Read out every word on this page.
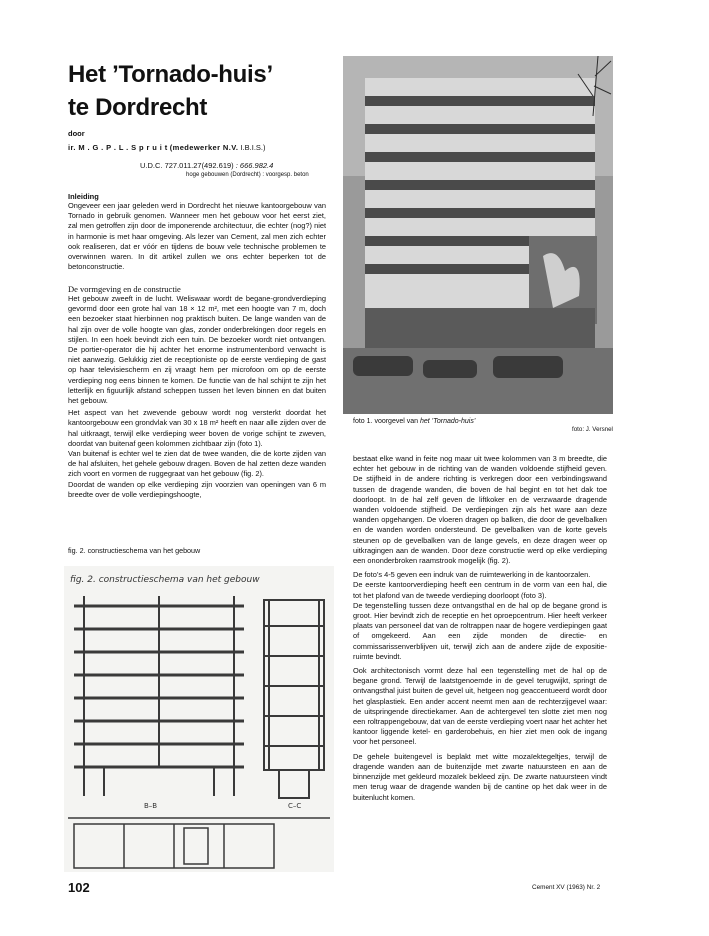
Het ’Tornado-huis’
te Dordrecht
door
ir. M . G . P . L . S p r u i t (medewerker N.V. I.B.I.S.)
U.D.C. 727.011.27(492.619) : 666.982.4
hoge gebouwen (Dordrecht) : voorgesp. beton
Inleiding
Ongeveer een jaar geleden werd in Dordrecht het nieuwe kantoorgebouw van Tornado in gebruik genomen. Wanneer men het gebouw voor het eerst ziet, zal men getroffen zijn door de imponerende architectuur, die echter (nog?) niet in harmonie is met haar omgeving. Als lezer van Cement, zal men zich echter ook realiseren, dat er vóór en tijdens de bouw vele technische problemen te overwinnen waren. In dit artikel zullen we ons echter beperken tot de betonconstructie.
De vormgeving en de constructie
Het gebouw zweeft in de lucht. Weliswaar wordt de begane-grondverdieping gevormd door een grote hal van 18 × 12 m², met een hoogte van 7 m, doch een bezoeker staat hierbinnen nog praktisch buiten. De lange wanden van de hal zijn over de volle hoogte van glas, zonder onderbrekingen door regels en stijlen. In een hoek bevindt zich een tuin. De bezoeker wordt niet ontvangen. De portier-operator die hij achter het enorme instrumentenbord verwacht is niet aanwezig. Gelukkig ziet de receptioniste op de eerste verdieping de gast op haar televisiescherm en zij vraagt hem per microfoon om op de eerste verdieping nog eens binnen te komen. De functie van de hal schijnt te zijn het letterlijk en figuurlijk afstand scheppen tussen het leven binnen en dat buiten het gebouw.
Het aspect van het zwevende gebouw wordt nog versterkt doordat het kantoorgebouw een grondvlak van 30 x 18 m² heeft en naar alle zijden over de hal uitkraagt, terwijl elke verdieping weer boven de vorige schijnt te zweven, doordat van buitenaf geen kolommen zichtbaar zijn (foto 1).
Van buitenaf is echter wel te zien dat de twee wanden, die de korte zijden van de hal afsluiten, het gehele gebouw dragen. Boven de hal zetten deze wanden zich voort en vormen de ruggegraat van het gebouw (fig. 2).
Doordat de wanden op elke verdieping zijn voorzien van openingen van 6 m breedte over de volle verdiepingshoogte,
fig. 2. constructieschema van het gebouw
fig. 2. constructieschema van het gebouw
B–B	C–C
foto 1. voorgevel van het ’Tornado-huis’
foto: J. Versnel
bestaat elke wand in feite nog maar uit twee kolommen van 3 m breedte, die echter het gebouw in de richting van de wanden voldoende stijfheid geven. De stijfheid in de andere richting is verkregen door een verbindingswand tussen de dragende wanden, die boven de hal begint en tot het dak toe doorloopt. In de hal zelf geven de liftkoker en de verzwaarde dragende wanden voldoende stijfheid. De verdiepingen zijn als het ware aan deze wanden opgehangen. De vloeren dragen op balken, die door de gevelbalken en de wanden worden ondersteund. De gevelbalken van de korte gevels steunen op de gevelbalken van de lange gevels, en deze dragen weer op uitkragingen aan de wanden. Door deze constructie werd op elke verdieping een ononderbroken raamstrook mogelijk (fig. 2).
De foto’s 4-5 geven een indruk van de ruimtewerking in de kantoorzalen.
De eerste kantoorverdieping heeft een centrum in de vorm van een hal, die tot het plafond van de tweede verdieping doorloopt (foto 3).
De tegenstelling tussen deze ontvangsthal en de hal op de begane grond is groot. Hier bevindt zich de receptie en het oproepcentrum. Hier heeft verkeer plaats van personeel dat van de roltrappen naar de hogere verdiepingen gaat of omgekeerd. Aan een zijde monden de directie- en commissarissenverblijven uit, terwijl zich aan de andere zijde de expositie-ruimte bevindt.
Ook architectonisch vormt deze hal een tegenstelling met de hal op de begane grond. Terwijl de laatstgenoemde in de gevel terugwijkt, springt de ontvangsthal juist buiten de gevel uit, hetgeen nog geaccentueerd wordt door het glasplastiek. Een ander accent neemt men aan de rechterzijgevel waar: de uitspringende directiekamer. Aan de achtergevel ten slotte ziet men nog een roltrappengebouw, dat van de eerste verdieping voert naar het achter het kantoor liggende ketel- en garderobehuis, en hier ziet men ook de ingang voor het personeel.
De gehele buitengevel is beplakt met witte mozaïektegeltjes, terwijl de dragende wanden aan de buitenzijde met zwarte natuursteen en aan de binnenzijde met gekleurd mozaïek bekleed zijn. De zwarte natuursteen vindt men terug waar de dragende wanden bij de cantine op het dak weer in de buitenlucht komen.
102	Cement XV (1963) Nr. 2
